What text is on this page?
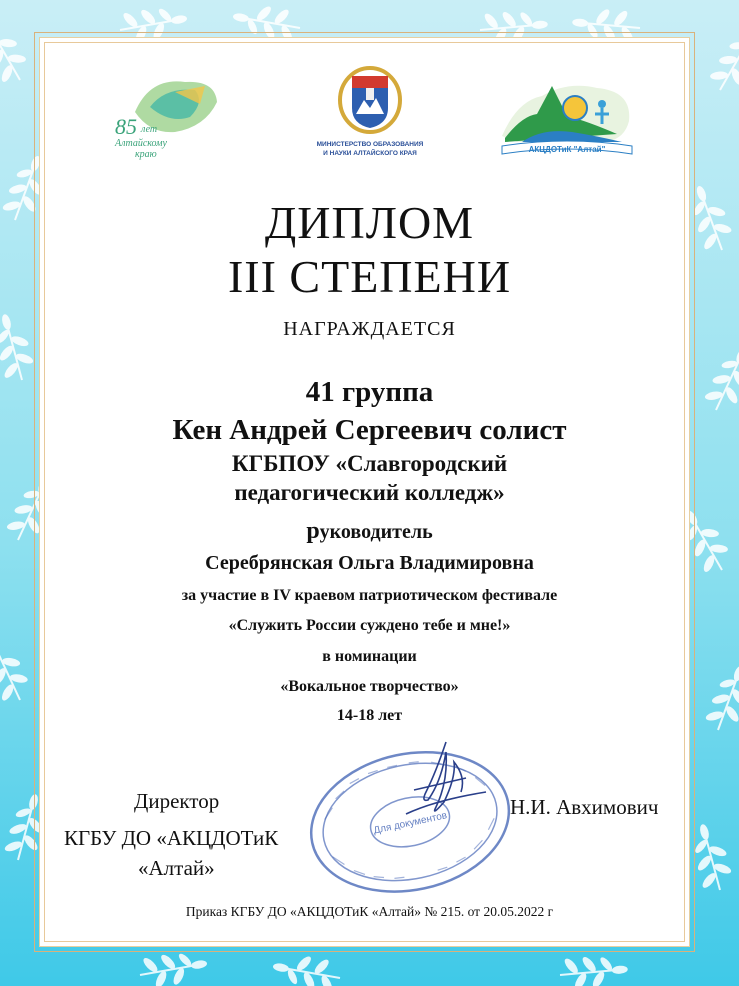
85 лет
Алтайскому
краю
МИНИСТЕРСТВО ОБРАЗОВАНИЯ
И НАУКИ АЛТАЙСКОГО КРАЯ	АКЦДОТиК "Алтай"
ДИПЛОМ
III СТЕПЕНИ
НАГРАЖДАЕТСЯ
41 группа
Кен Андрей Сергеевич солист
КГБПОУ «Славгородский
педагогический колледж»
руководитель
Серебрянская Ольга Владимировна
за участие в IV краевом патриотическом фестивале
«Служить России суждено тебе и мне!»
в номинации
«Вокальное творчество»
14-18 лет
Для документов
Директор
КГБУ ДО «АКЦДОТиК
«Алтай»
Н.И. Авхимович
Приказ КГБУ ДО «АКЦДОТиК «Алтай» № 215. от 20.05.2022 г
